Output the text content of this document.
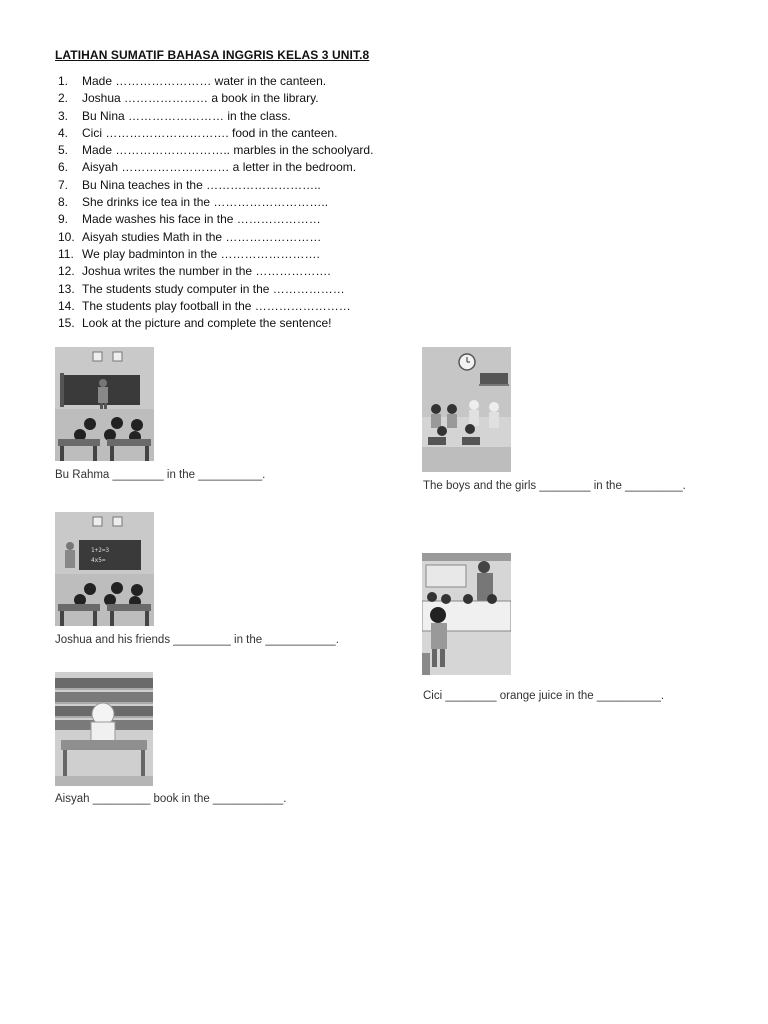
LATIHAN SUMATIF BAHASA INGGRIS KELAS 3 UNIT.8
1. Made …………………… water in the canteen.
2. Joshua ………………… a book in the library.
3. Bu Nina …………………… in the class.
4. Cici …………………………. food in the canteen.
5. Made ……………………….. marbles in the schoolyard.
6. Aisyah ……………………… a letter in the bedroom.
7. Bu Nina teaches in the ………………………..
8. She drinks ice tea in the ………………………..
9. Made washes his face in the …………………
10. Aisyah studies Math in the ……………………
11. We play badminton in the …………………….
12. Joshua writes the number in the ……………….
13. The students study computer in the ………………
14. The students play football in the ……………………
15. Look at the picture and complete the sentence!
Bu Rahma ________ in the __________.
The boys and the girls ________ in the _________.
1+2=3
4x5=
Joshua and his friends _________ in the ___________.
Cici ________ orange juice in the __________.
Aisyah _________ book in the ___________.
